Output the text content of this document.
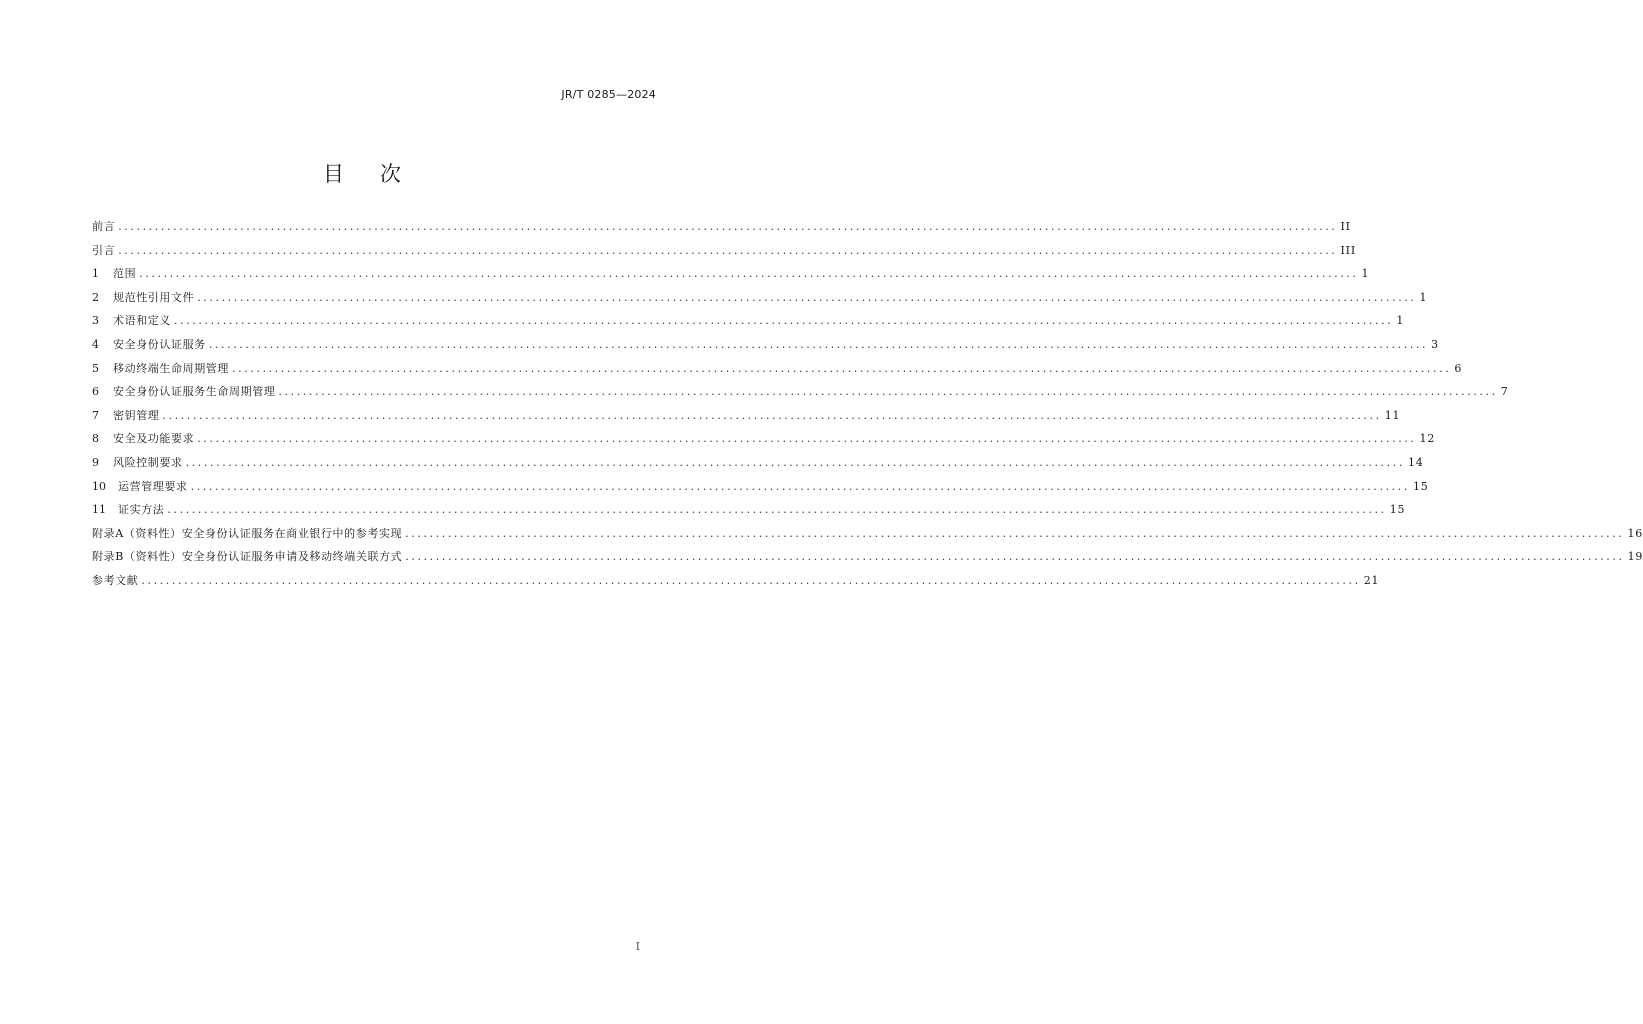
JR/T 0285—2024
目 次
前言 ........................................................................................................................................................................................................ II
引言 ........................................................................................................................................................................................................ III
1	范围 ........................................................................................................................................................................................................ 1
2	规范性引用文件 ........................................................................................................................................................................................................ 1
3	术语和定义 ........................................................................................................................................................................................................ 1
4	安全身份认证服务 ........................................................................................................................................................................................................ 3
5	移动终端生命周期管理 ........................................................................................................................................................................................................ 6
6	安全身份认证服务生命周期管理 ........................................................................................................................................................................................................ 7
7	密钥管理 ........................................................................................................................................................................................................ 11
8	安全及功能要求 ........................................................................................................................................................................................................ 12
9	风险控制要求 ........................................................................................................................................................................................................ 14
10	运营管理要求 ........................................................................................................................................................................................................ 15
11	证实方法 ........................................................................................................................................................................................................ 15
附录A（资料性）安全身份认证服务在商业银行中的参考实现 ........................................................................................................................................................................................................ 16
附录B（资料性）安全身份认证服务申请及移动终端关联方式 ........................................................................................................................................................................................................ 19
参考文献 ........................................................................................................................................................................................................ 21
I
